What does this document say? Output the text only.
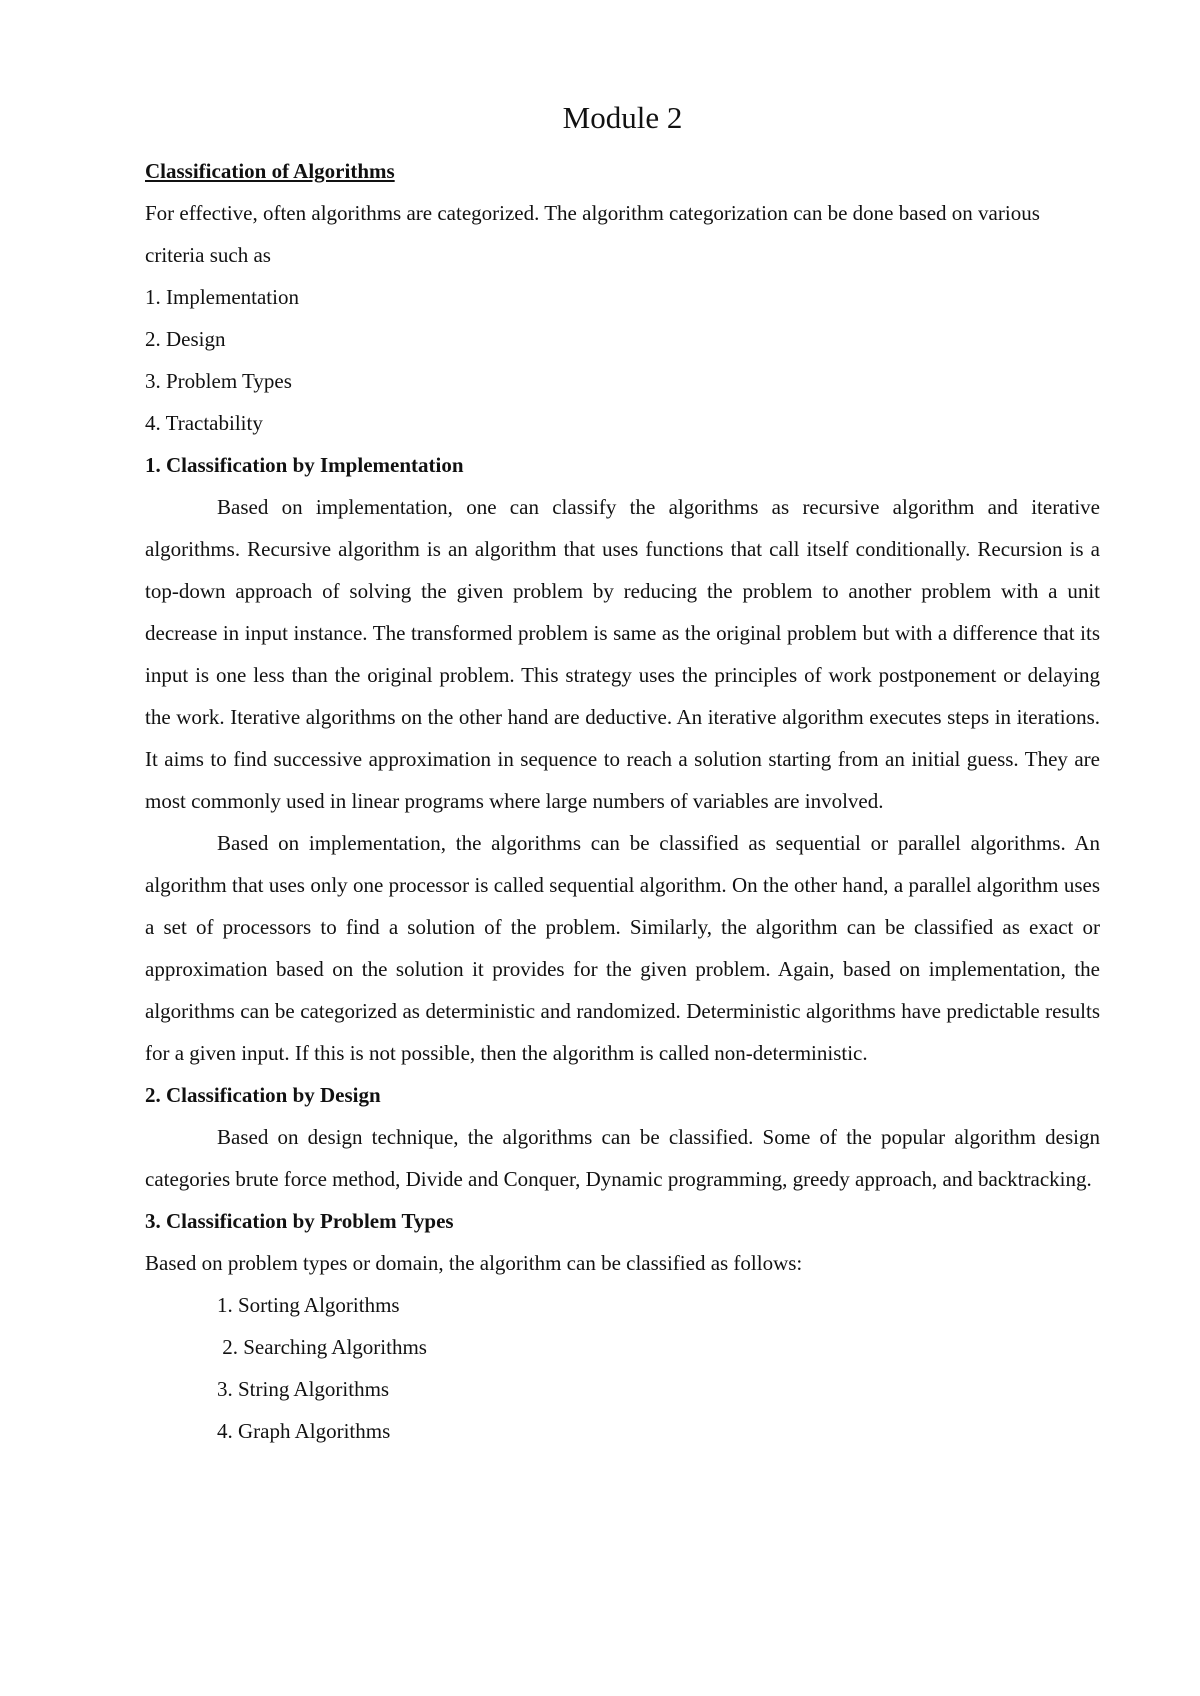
Module 2
Classification of Algorithms

For effective, often algorithms are categorized. The algorithm categorization can be done based on various criteria such as

1. Implementation
2. Design
3. Problem Types
4. Tractability
1. Classification by Implementation

Based on implementation, one can classify the algorithms as recursive algorithm and iterative algorithms. Recursive algorithm is an algorithm that uses functions that call itself conditionally. Recursion is a top-down approach of solving the given problem by reducing the problem to another problem with a unit decrease in input instance. The transformed problem is same as the original problem but with a difference that its input is one less than the original problem. This strategy uses the principles of work postponement or delaying the work. Iterative algorithms on the other hand are deductive. An iterative algorithm executes steps in iterations. It aims to find successive approximation in sequence to reach a solution starting from an initial guess. They are most commonly used in linear programs where large numbers of variables are involved.

Based on implementation, the algorithms can be classified as sequential or parallel algorithms. An algorithm that uses only one processor is called sequential algorithm. On the other hand, a parallel algorithm uses a set of processors to find a solution of the problem. Similarly, the algorithm can be classified as exact or approximation based on the solution it provides for the given problem. Again, based on implementation, the algorithms can be categorized as deterministic and randomized. Deterministic algorithms have predictable results for a given input. If this is not possible, then the algorithm is called non-deterministic.

2. Classification by Design

Based on design technique, the algorithms can be classified. Some of the popular algorithm design categories brute force method, Divide and Conquer, Dynamic programming, greedy approach, and backtracking.

3. Classification by Problem Types

Based on problem types or domain, the algorithm can be classified as follows:

1. Sorting Algorithms
2. Searching Algorithms
3. String Algorithms
4. Graph Algorithms
